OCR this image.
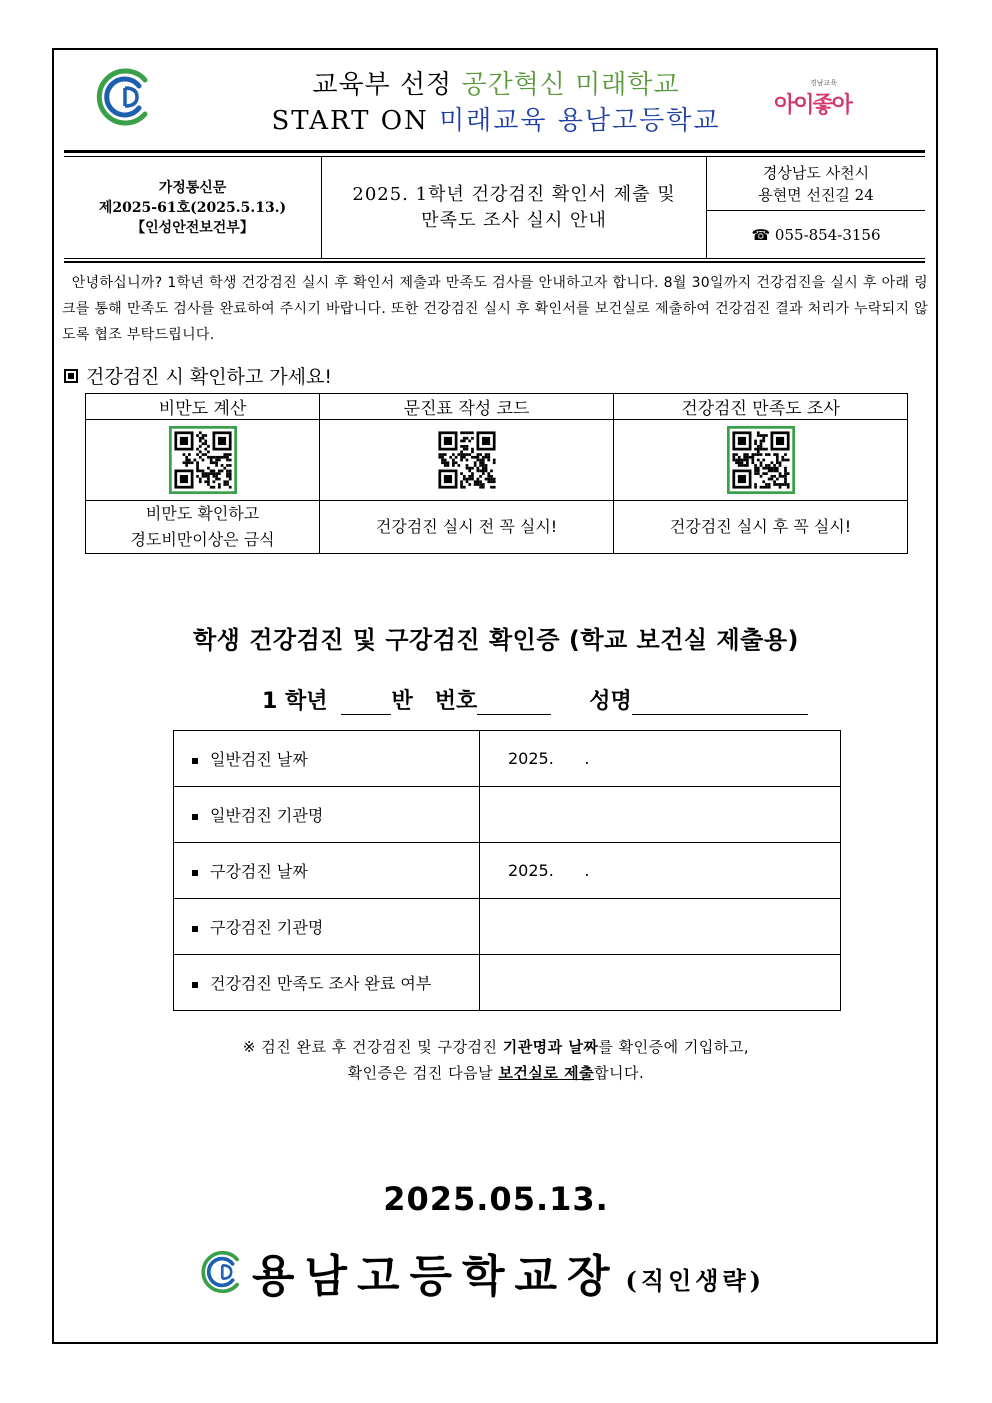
교육부 선정 공간혁신 미래학교
START ON 미래교육 용남고등학교
경남교육
아이좋아
가정통신문
제2025-61호(2025.5.13.)
【인성안전보건부】
2025. 1학년 건강검진 확인서 제출 및
만족도 조사 실시 안내
경상남도 사천시
용현면 선진길 24
☎ 055-854-3156
안녕하십니까? 1학년 학생 건강검진 실시 후 확인서 제출과 만족도 검사를 안내하고자 합니다. 8월 30일까지 건강검진을 실시 후 아래 링크를 통해 만족도 검사를 완료하여 주시기 바랍니다. 또한 건강검진 실시 후 확인서를 보건실로 제출하여 건강검진 결과 처리가 누락되지 않도록 협조 부탁드립니다.
건강검진 시 확인하고 가세요!
비만도 계산	문진표 작성 코드	건강검진 만족도 조사

비만도 확인하고
경도비만이상은 금식	건강검진 실시 전 꼭 실시!	건강검진 실시 후 꼭 실시!
학생 건강검진 및 구강검진 확인증 (학교 보건실 제출용)
1 학년	반 번호	성명
일반검진 날짜	2025.      .
일반검진 기관명	
구강검진 날짜	2025.      .
구강검진 기관명	
건강검진 만족도 조사 완료 여부	
※ 검진 완료 후 건강검진 및 구강검진 기관명과 날짜를 확인증에 기입하고,
확인증은 검진 다음날 보건실로 제출합니다.
2025.05.13.
용남고등학교장 (직인생략)
